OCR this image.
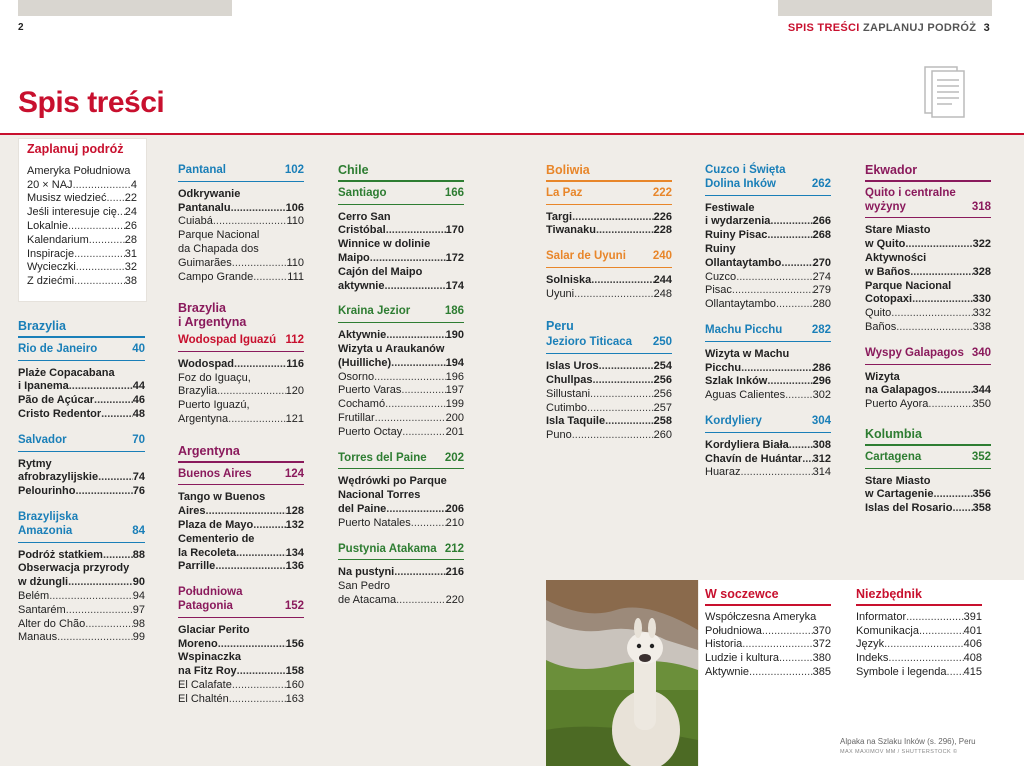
2	SPIS TREŚCI ZAPLANUJ PODRÓŻ 3
Spis treści
Zaplanuj podróż
Ameryka Południowa
20 × NAJ .....	4
Musisz wiedzieć ..... 22
Jeśli interesuje cię ..... 24
Lokalnie .....	26
Kalendarium .....	28
Inspiracje .....	31
Wycieczki .....	32
Z dziećmi .....	38
Brazylia
Rio de Janeiro	40
Plaże Copacabana
i Ipanema .....	44
Pão de Açúcar .....	46
Cristo Redentor .....	48
Salvador	70
Rytmy
afrobrazylijskie .....	74
Pelourinho .....	76
Brazylijska
Amazonia	84
Podróż statkiem .....	88
Obserwacja przyrody
w dżungli .....	90
Belém .....	94
Santarém .....	97
Alter do Chão .....	98
Manaus .....	99
Pantanal	102
Odkrywanie
Pantanalu .....	106
Cuiabá .....	110
Parque Nacional
da Chapada dos
Guimarães .....	110
Campo Grande .....	111
Brazylia
i Argentyna
Wodospad Iguazú 112
Wodospad .....	116
Foz do Iguaçu,
Brazylia .....	120
Puerto Iguazú,
Argentyna .....	121
Argentyna
Buenos Aires	124
Tango w Buenos
Aires .....	128
Plaza de Mayo .....	132
Cementerio de
la Recoleta .....	134
Parrille .....	136
Południowa
Patagonia	152
Glaciar Perito
Moreno .....	156
Wspinaczka
na Fitz Roy .....	158
El Calafate .....	160
El Chaltén .....	163
Chile
Santiago	166
Cerro San
Cristóbal .....	170
Winnice w dolinie
Maipo .....	172
Cajón del Maipo
aktywnie .....	174
Kraina Jezior	186
Aktywnie .....	190
Wizyta u Araukanów
(Huilliche) .....	194
Osorno .....	196
Puerto Varas .....	197
Cochamó .....	199
Frutillar .....	200
Puerto Octay .....	201
Torres del Paine 202
Wędrówki po Parque
Nacional Torres
del Paine .....	206
Puerto Natales .....	210
Pustynia Atakama 212
Na pustyni .....	216
San Pedro
de Atacama .....	220
Boliwia
La Paz	222
Targi .....	226
Tiwanaku .....	228
Salar de Uyuni 240
Solniska .....	244
Uyuni .....	248
Peru
Jezioro Titicaca 250
Islas Uros .....	254
Chullpas .....	256
Sillustani .....	256
Cutimbo .....	257
Isla Taquile .....	258
Puno .....	260
Cuzco i Święta
Dolina Inków	262
Festiwale
i wydarzenia .....	266
Ruiny Pisac .....	268
Ruiny
Ollantaytambo .....	270
Cuzco .....	274
Pisac .....	279
Ollantaytambo .....	280
Machu Picchu	282
Wizyta w Machu
Picchu .....	286
Szlak Inków .....	296
Aguas Calientes .....	302
Kordyliery	304
Kordyliera Biała ..... 308
Chavín de Huántar ..... 312
Huaraz .....	314
Ekwador
Quito i centralne
wyżyny	318
Stare Miasto
w Quito .....	322
Aktywności
w Baños .....	328
Parque Nacional
Cotopaxi .....	330
Quito .....	332
Baños .....	338
Wyspy Galapagos 340
Wizyta
na Galapagos .....	344
Puerto Ayora .....	350
Kolumbia
Cartagena	352
Stare Miasto
w Cartagenie .....	356
Islas del Rosario ..... 358
W soczewce
Współczesna Ameryka
Południowa .....	370
Historia .....	372
Ludzie i kultura .....	380
Aktywnie .....	385
Niezbędnik
Informator .....	391
Komunikacja .....	401
Język .....	406
Indeks .....	408
Symbole i legenda ..... 415
Alpaka na Szlaku Inków (s. 296), Peru
MAX MAXIMOV MM / SHUTTERSTOCK ©
